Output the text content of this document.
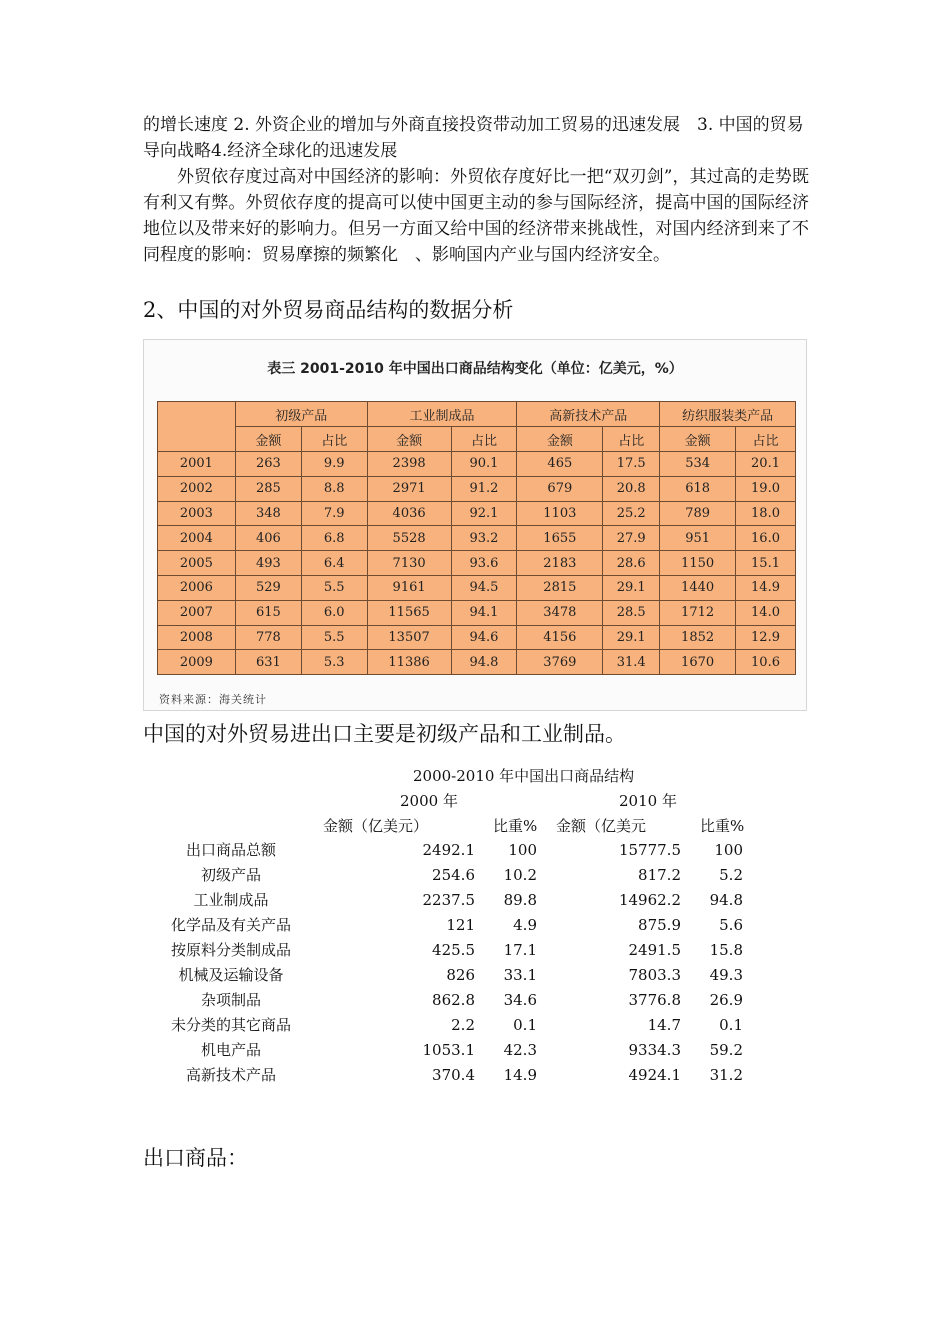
的增长速度 2. 外资企业的增加与外商直接投资带动加工贸易的迅速发展　3. 中国的贸易导向战略4.经济全球化的迅速发展
外贸依存度过高对中国经济的影响：外贸依存度好比一把“双刃剑”，其过高的走势既有利又有弊。外贸依存度的提高可以使中国更主动的参与国际经济，提高中国的国际经济地位以及带来好的影响力。但另一方面又给中国的经济带来挑战性，对国内经济到来了不同程度的影响：贸易摩擦的频繁化　、影响国内产业与国内经济安全。
2、中国的对外贸易商品结构的数据分析
表三 2001-2010 年中国出口商品结构变化（单位：亿美元，%）
	初级产品		工业制成品		高新技术产品		纺织服装类产品	
	金额	占比	金额	占比	金额	占比	金额	占比
2001	263	9.9	2398	90.1	465	17.5	534	20.1
2002	285	8.8	2971	91.2	679	20.8	618	19.0
2003	348	7.9	4036	92.1	1103	25.2	789	18.0
2004	406	6.8	5528	93.2	1655	27.9	951	16.0
2005	493	6.4	7130	93.6	2183	28.6	1150	15.1
2006	529	5.5	9161	94.5	2815	29.1	1440	14.9
2007	615	6.0	11565	94.1	3478	28.5	1712	14.0
2008	778	5.5	13507	94.6	4156	29.1	1852	12.9
2009	631	5.3	11386	94.8	3769	31.4	1670	10.6
资料来源：海关统计
中国的对外贸易进出口主要是初级产品和工业制品。
2000-2010 年中国出口商品结构
2000 年	2010 年
金额（亿美元）	比重% 金额（亿美元	比重%
出口商品总额	2492.1 100	15777.5 100
初级产品	254.6 10.2	817.2	5.2
工业制成品	2237.5 89.8	14962.2 94.8
化学品及有关产品	121	4.9	875.9	5.6
按原料分类制成品	425.5 17.1	2491.5 15.8
机械及运输设备	826 33.1	7803.3 49.3
杂项制品	862.8 34.6	3776.8 26.9
未分类的其它商品	2.2	0.1	14.7	0.1
机电产品	1053.1 42.3	9334.3 59.2
高新技术产品	370.4 14.9	4924.1 31.2
出口商品：
